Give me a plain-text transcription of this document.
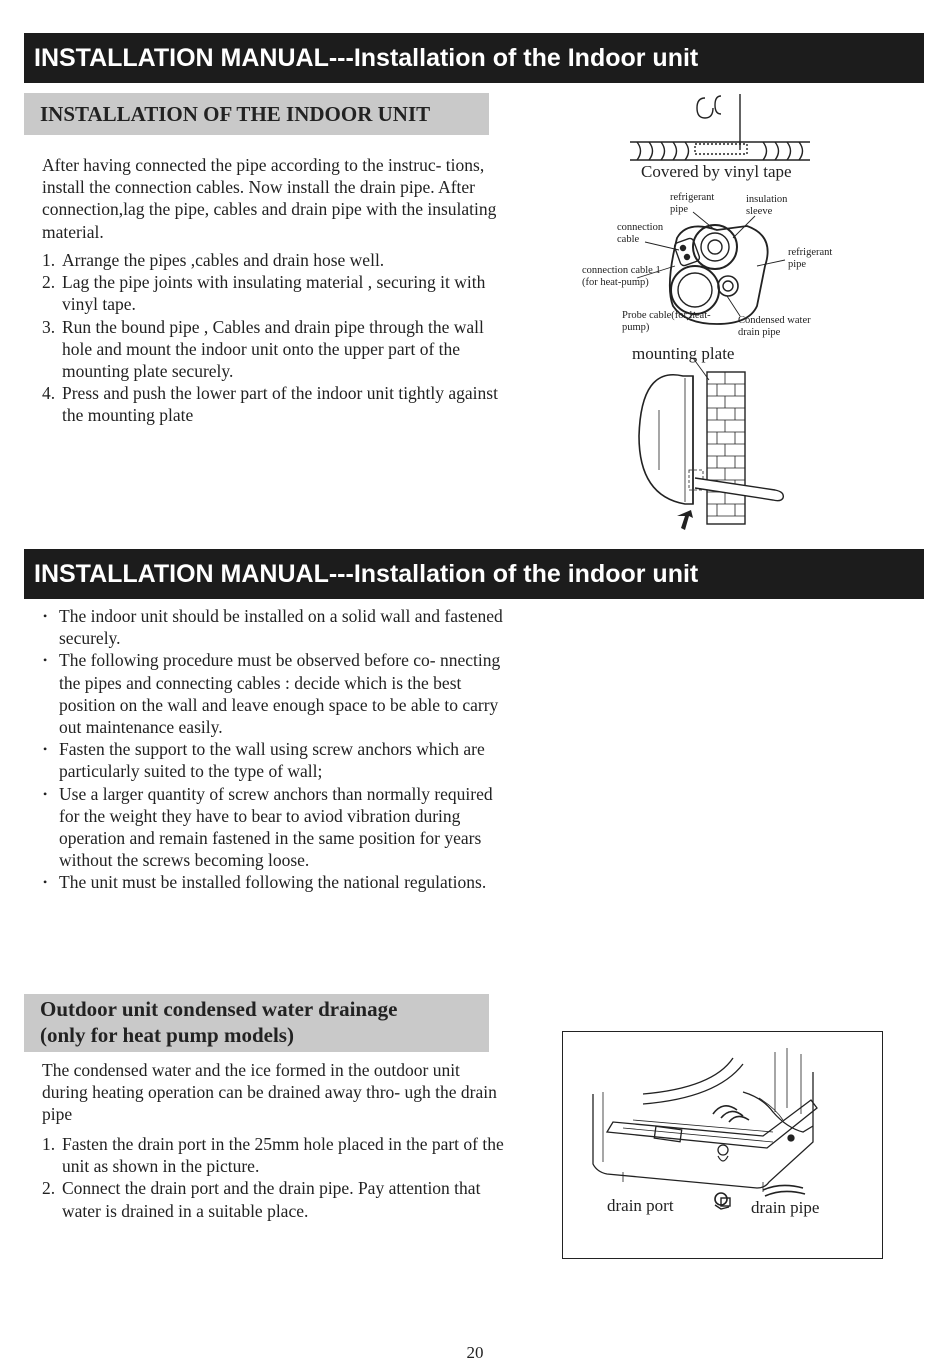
INSTALLATION MANUAL---Installation of the Indoor unit
INSTALLATION OF THE INDOOR UNIT

After having connected the pipe according to the instruc- tions, install the connection cables. Now install the drain pipe. After connection,lag the pipe, cables and drain pipe with the insulating material.

1. Arrange the pipes ,cables and drain hose well.
2. Lag the pipe joints with insulating material , securing it with vinyl tape.
3. Run the bound pipe , Cables and drain pipe through the wall hole and mount the indoor unit onto the upper part of the mounting plate securely.
4. Press and push the lower part of the indoor unit tightly against the mounting plate
Covered by vinyl tape
refrigerant pipe
insulation sleeve
connection cable
refrigerant pipe
connection cable 1 (for heat-pump)
Probe cable(for heat-pump)
Condensed water drain pipe
mounting plate
INSTALLATION MANUAL---Installation of the indoor unit
• The indoor unit should be installed on a solid wall and fastened securely.
• The following procedure must be observed before co- nnecting the pipes and connecting cables : decide which is the best position on the wall and leave enough space to be able to carry out maintenance easily.
• Fasten the support to the wall using screw anchors which are particularly suited to the type of wall;
• Use a larger quantity of screw anchors than normally required for the weight they have to bear to aviod vibration during operation and remain fastened in the same position for years without the screws becoming loose.
• The unit must be installed following the national regulations.
Outdoor unit condensed water drainage
(only for heat pump models)

The condensed water and the ice formed in the outdoor unit during heating operation can be drained away thro- ugh the drain pipe

1. Fasten the drain port in the 25mm hole placed in the part of the unit as shown in the picture.
2. Connect the drain port and the drain pipe. Pay attention that water is drained in a suitable place.	drain port	drain pipe
20
